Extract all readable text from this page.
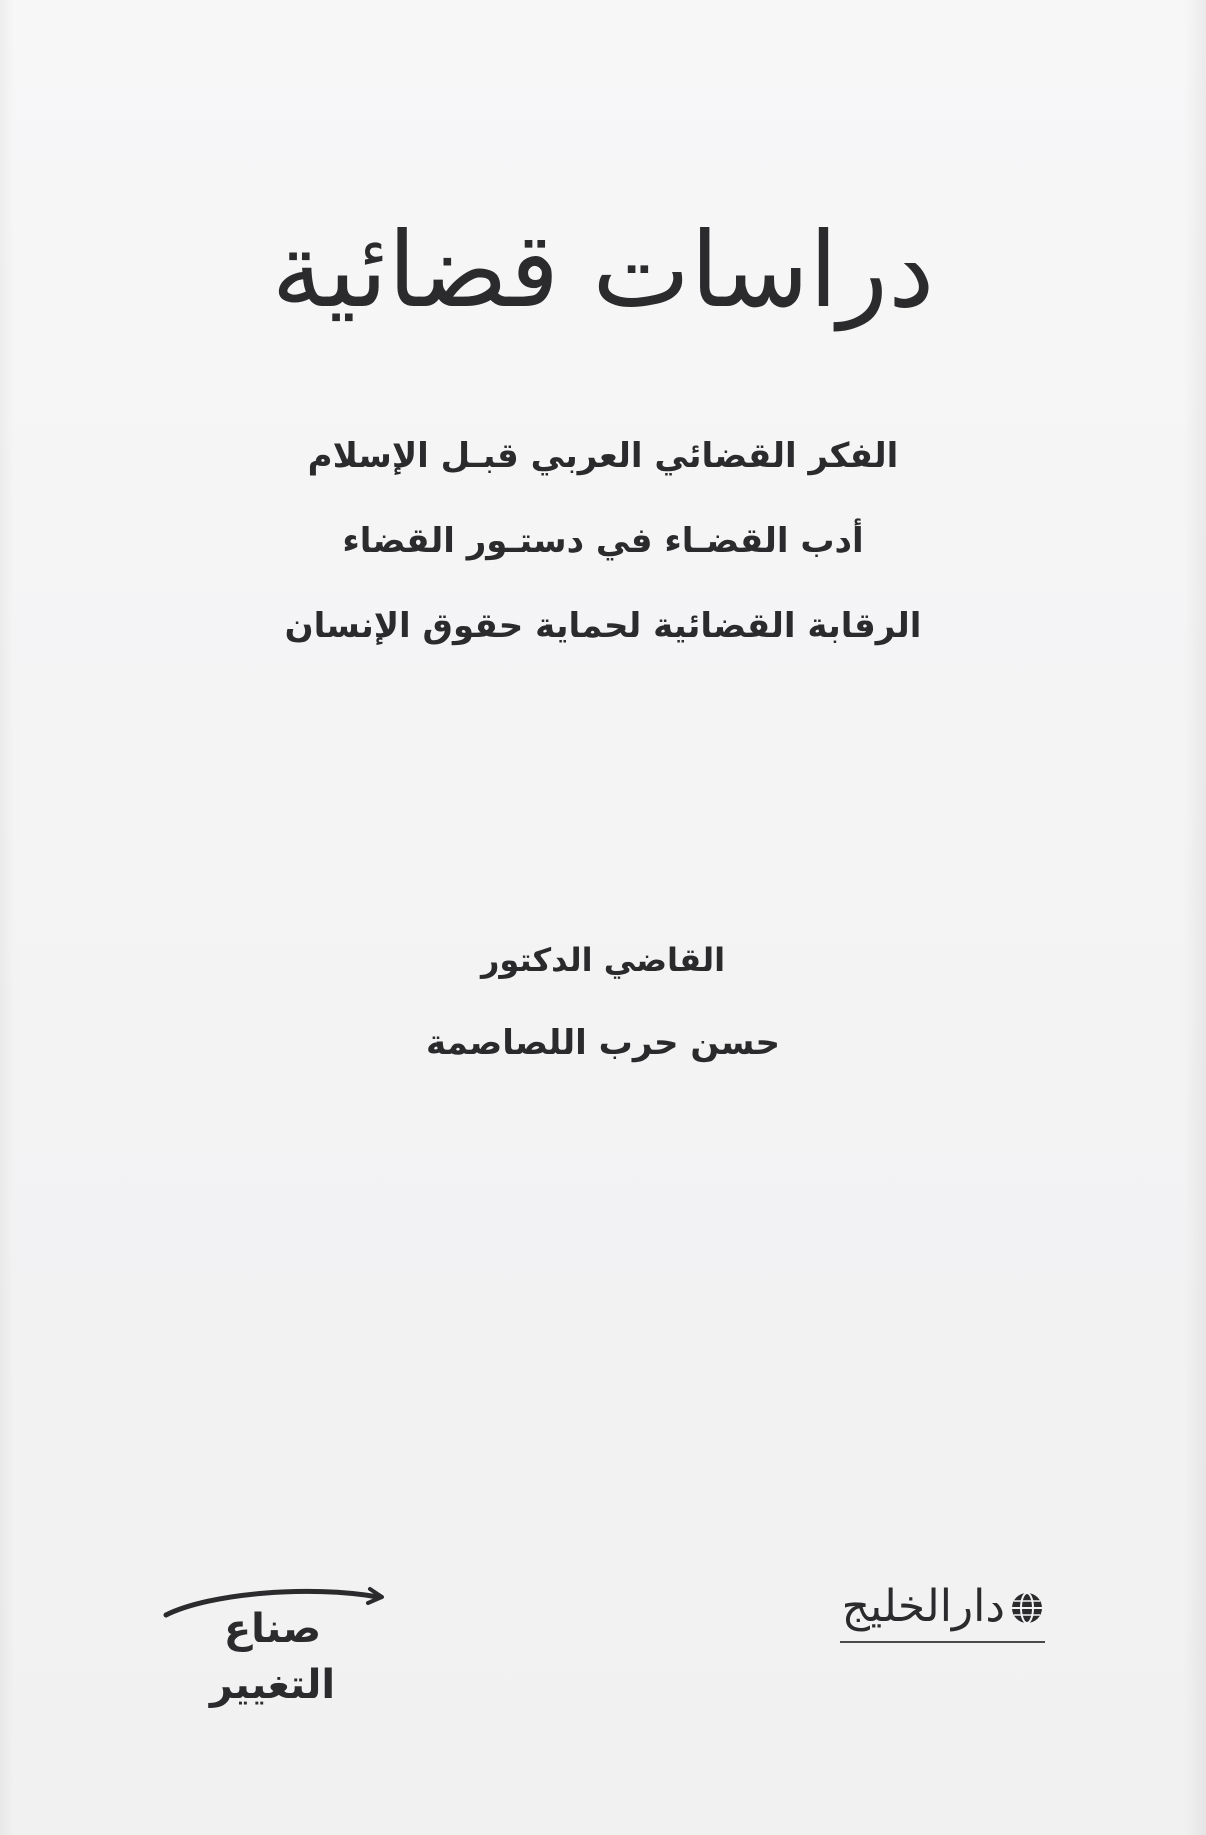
دراسات قضائية
الفكر القضائي العربي قبـل الإسلام
أدب القضـاء في دستـور القضاء
الرقابة القضائية لحماية حقوق الإنسان
القاضي الدكتور
حسن حرب اللصاصمة
دارالخليج
صناع التغيير
